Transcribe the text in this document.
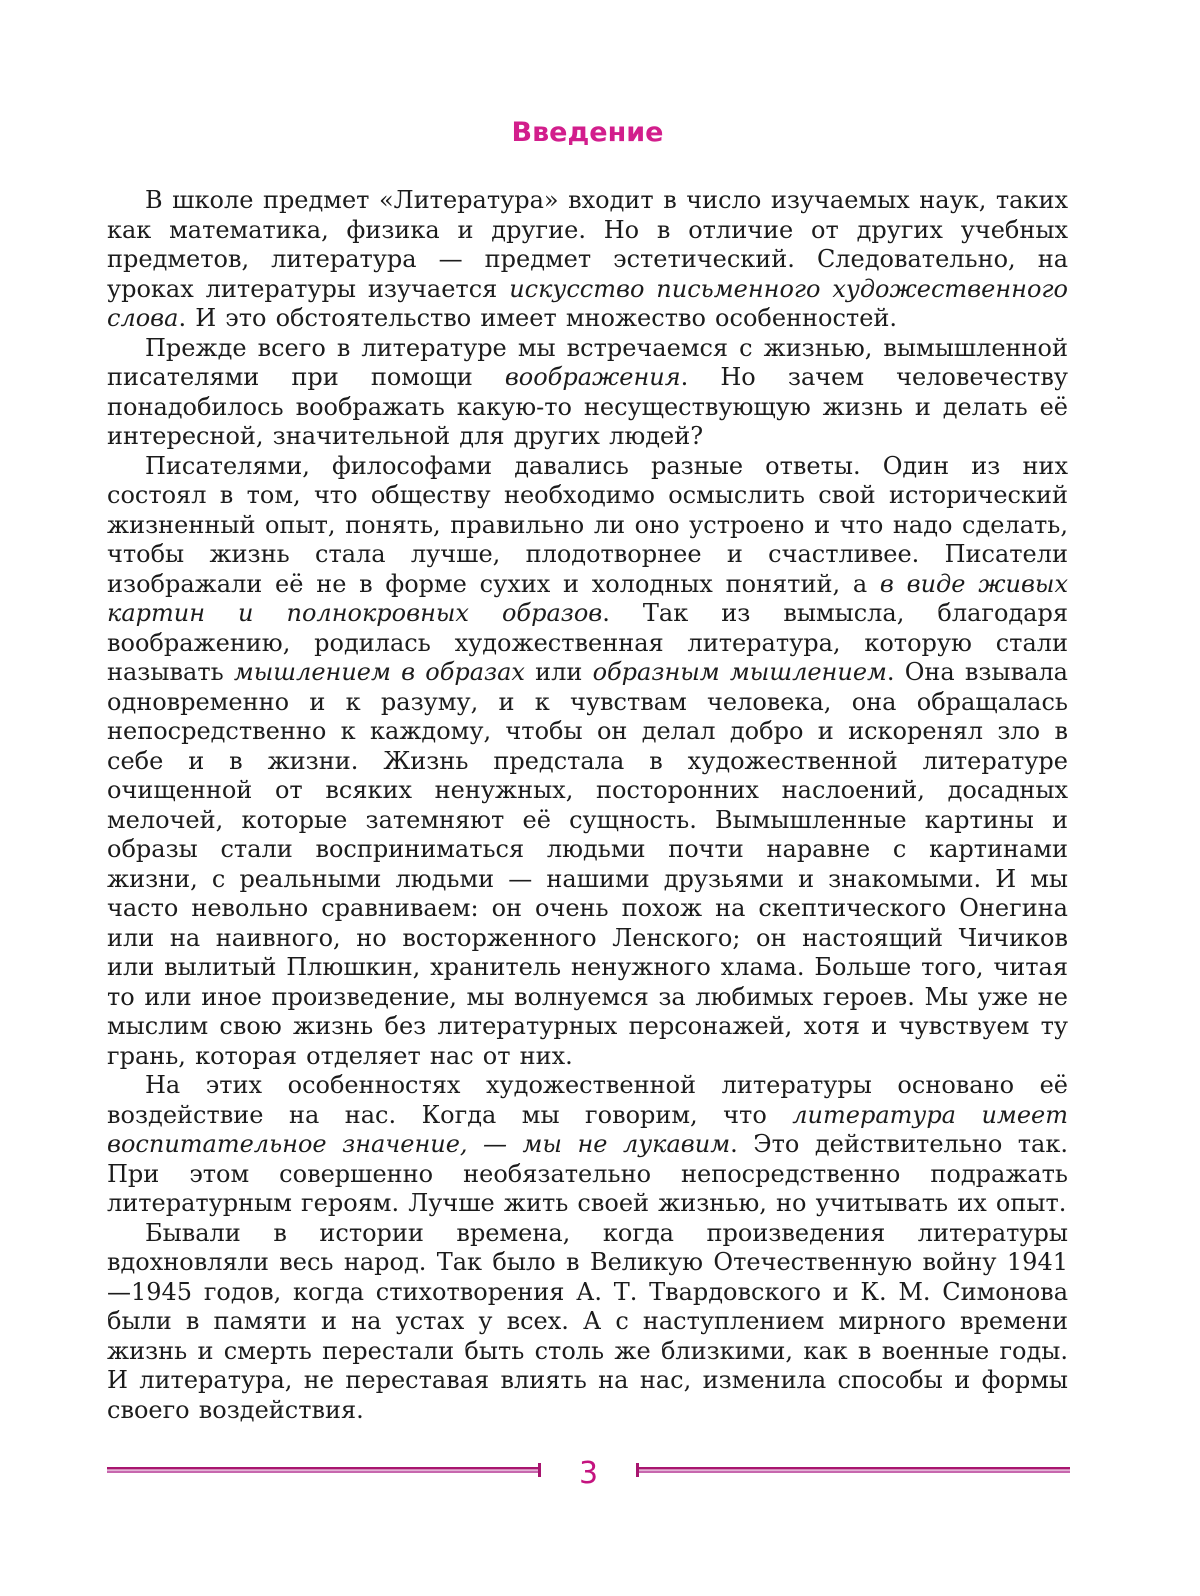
Введение

В школе предмет «Литература» входит в число изучаемых наук, таких как математика, физика и другие. Но в отличие от других учебных предметов, литература — предмет эстетический. Следовательно, на уроках литературы изучается искусство письменного художественного слова. И это обстоятельство имеет множество особенностей.

Прежде всего в литературе мы встречаемся с жизнью, вымышленной писателями при помощи воображения. Но зачем человечеству понадобилось воображать какую-то несуществующую жизнь и делать её интересной, значительной для других людей?

Писателями, философами давались разные ответы. Один из них состоял в том, что обществу необходимо осмыслить свой исторический жизненный опыт, понять, правильно ли оно устроено и что надо сделать, чтобы жизнь стала лучше, плодотворнее и счастливее. Писатели изображали её не в форме сухих и холодных понятий, а в виде живых картин и полнокровных образов. Так из вымысла, благодаря воображению, родилась художественная литература, которую стали называть мышлением в образах или образным мышлением. Она взывала одновременно и к разуму, и к чувствам человека, она обращалась непосредственно к каждому, чтобы он делал добро и искоренял зло в себе и в жизни. Жизнь предстала в художественной литературе очищенной от всяких ненужных, посторонних наслоений, досадных мелочей, которые затемняют её сущность. Вымышленные картины и образы стали восприниматься людьми почти наравне с картинами жизни, с реальными людьми — нашими друзьями и знакомыми. И мы часто невольно сравниваем: он очень похож на скептического Онегина или на наивного, но восторженного Ленского; он настоящий Чичиков или вылитый Плюшкин, хранитель ненужного хлама. Больше того, читая то или иное произведение, мы волнуемся за любимых героев. Мы уже не мыслим свою жизнь без литературных персонажей, хотя и чувствуем ту грань, которая отделяет нас от них.

На этих особенностях художественной литературы основано её воздействие на нас. Когда мы говорим, что литература имеет воспитательное значение, — мы не лукавим. Это действительно так. При этом совершенно необязательно непосредственно подражать литературным героям. Лучше жить своей жизнью, но учитывать их опыт.

Бывали в истории времена, когда произведения литературы вдохновляли весь народ. Так было в Великую Отечественную войну 1941—1945 годов, когда стихотворения А. Т. Твардовского и К. М. Симонова были в памяти и на устах у всех. А с наступлением мирного времени жизнь и смерть перестали быть столь же близкими, как в военные годы. И литература, не переставая влиять на нас, изменила способы и формы своего воздействия.

3
